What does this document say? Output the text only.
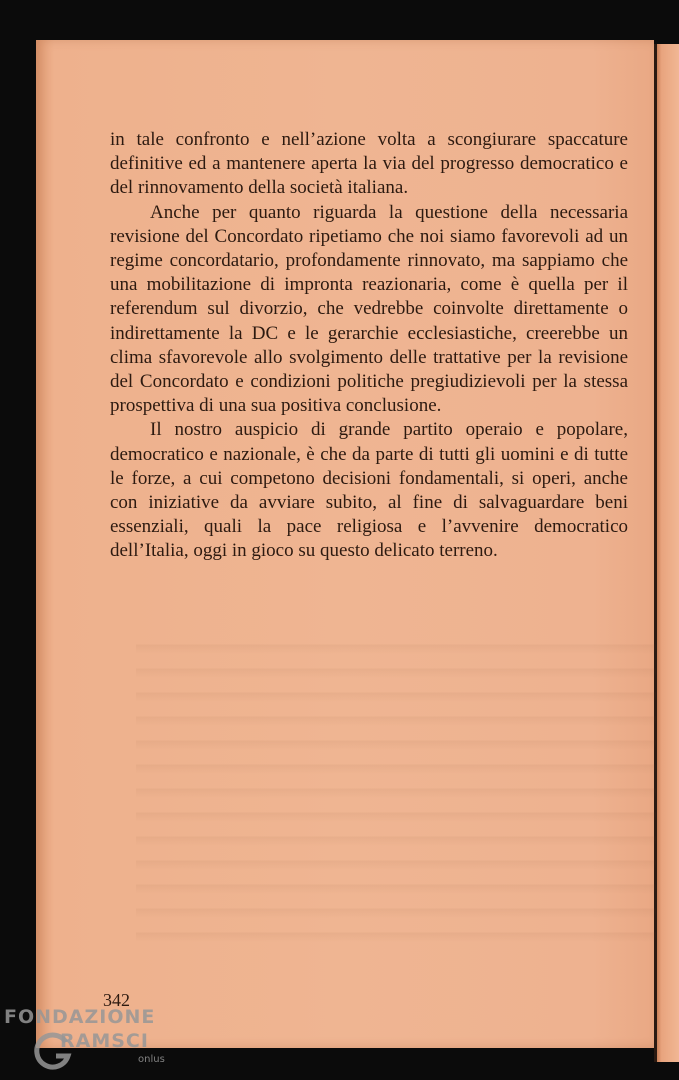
in tale confronto e nell’azione volta a scongiurare spaccature definitive ed a mantenere aperta la via del progresso democratico e del rinnovamento della società italiana.

Anche per quanto riguarda la questione della necessaria revisione del Concordato ripetiamo che noi siamo favorevoli ad un regime concordatario, profondamente rinnovato, ma sappiamo che una mobilitazione di impronta reazionaria, come è quella per il referendum sul divorzio, che vedrebbe coinvolte direttamente o indirettamente la DC e le gerarchie ecclesiastiche, creerebbe un clima sfavorevole allo svolgimento delle trattative per la revisione del Concordato e condizioni politiche pregiudizievoli per la stessa prospettiva di una sua positiva conclusione.

Il nostro auspicio di grande partito operaio e popolare, democratico e nazionale, è che da parte di tutti gli uomini e di tutte le forze, a cui competono decisioni fondamentali, si operi, anche con iniziative da avviare subito, al fine di salvaguardare beni essenziali, quali la pace religiosa e l’avvenire democratico dell’Italia, oggi in gioco su questo delicato terreno.

342
FONDAZIONE
RAMSCI
onlus
